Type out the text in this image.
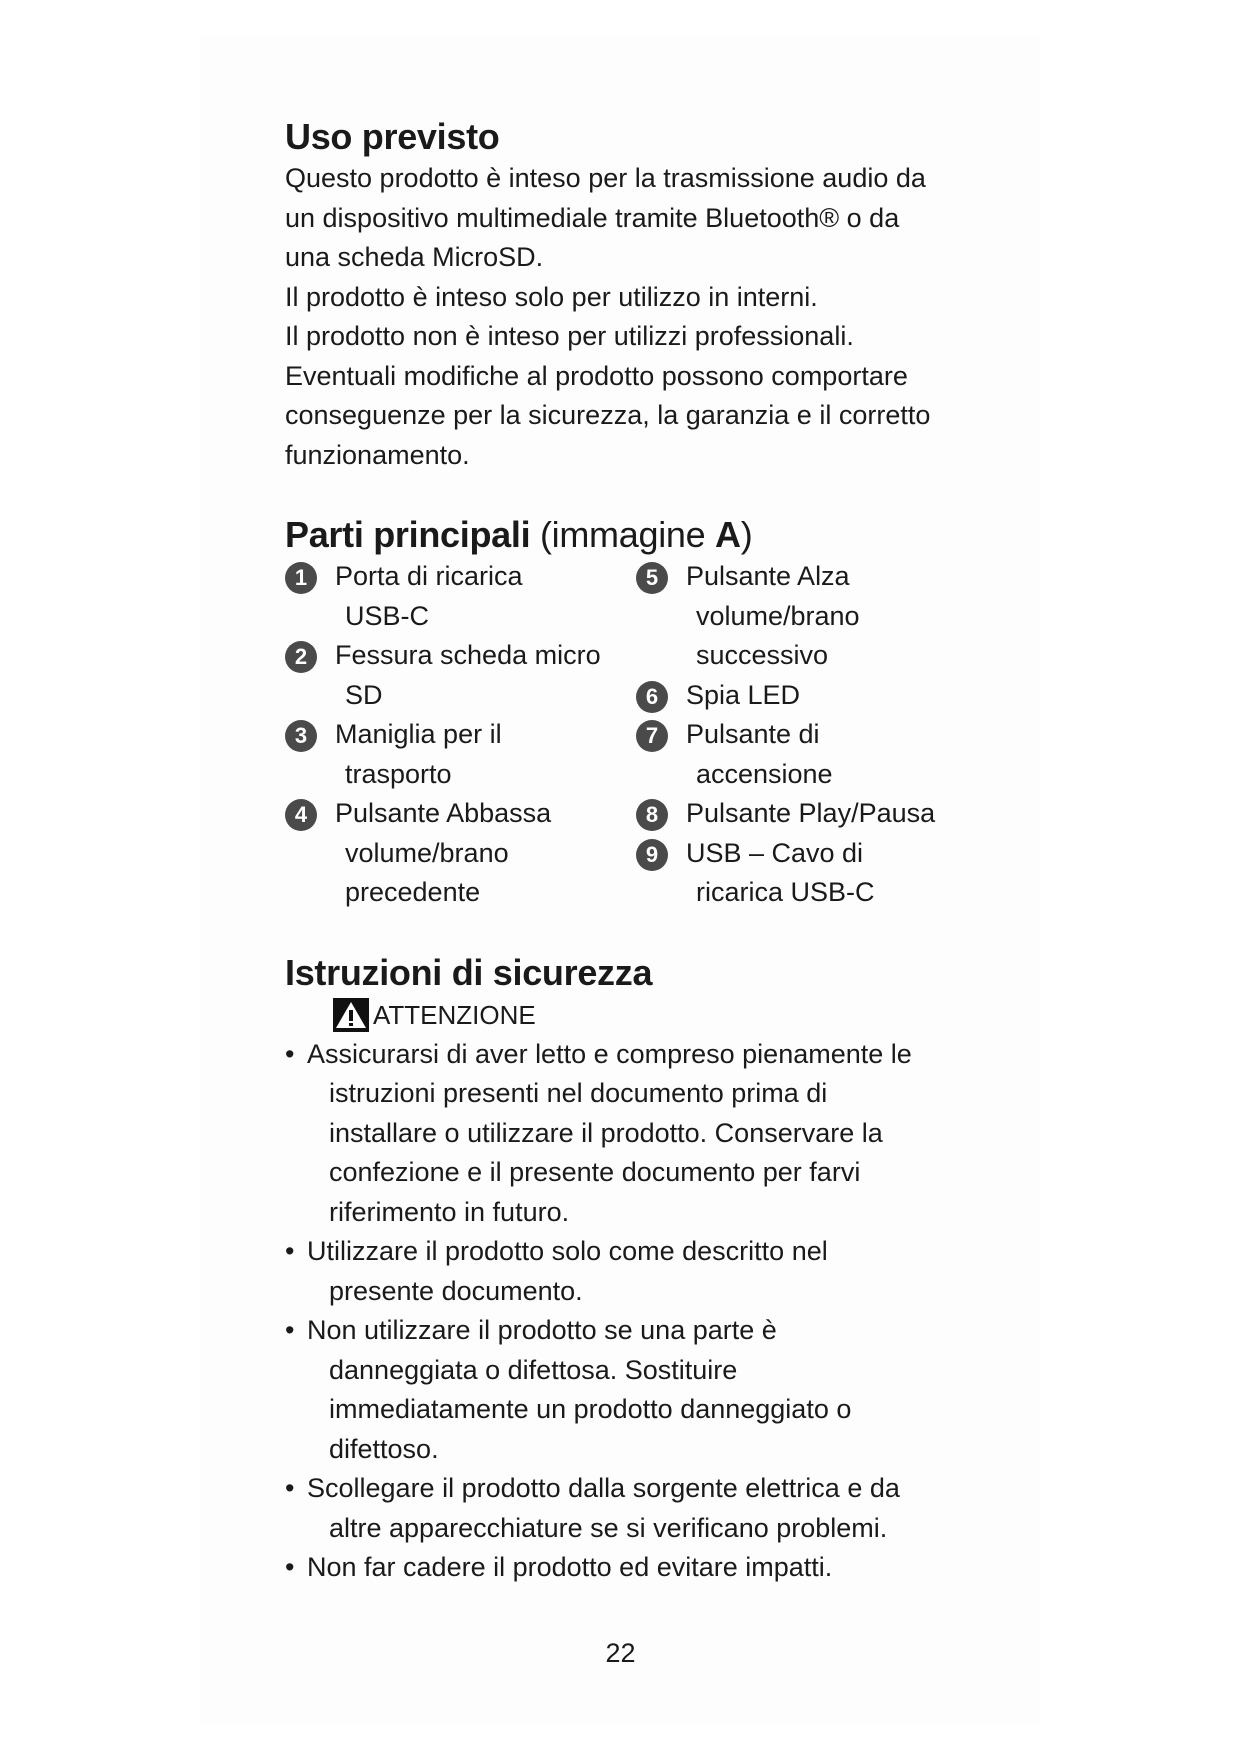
Uso previsto

Questo prodotto è inteso per la trasmissione audio da

un dispositivo multimediale tramite Bluetooth® o da

una scheda MicroSD.

Il prodotto è inteso solo per utilizzo in interni.

Il prodotto non è inteso per utilizzi professionali.

Eventuali modifiche al prodotto possono comportare

conseguenze per la sicurezza, la garanzia e il corretto

funzionamento.

Parti principali (immagine A)
1	Porta di ricarica
USB-C
2	Fessura scheda micro
SD
3	Maniglia per il
trasporto
4	Pulsante Abbassa
volume/brano
precedente
5	Pulsante Alza
volume/brano
successivo
6	Spia LED
7	Pulsante di
accensione
8	Pulsante Play/Pausa
9	USB – Cavo di
ricarica USB-C
Istruzioni di sicurezza
ATTENZIONE
• Assicurarsi di aver letto e compreso pienamente le
istruzioni presenti nel documento prima di
installare o utilizzare il prodotto. Conservare la
confezione e il presente documento per farvi
riferimento in futuro.
• Utilizzare il prodotto solo come descritto nel
presente documento.
• Non utilizzare il prodotto se una parte è
danneggiata o difettosa. Sostituire
immediatamente un prodotto danneggiato o
difettoso.
• Scollegare il prodotto dalla sorgente elettrica e da
altre apparecchiature se si verificano problemi.
• Non far cadere il prodotto ed evitare impatti.
22
